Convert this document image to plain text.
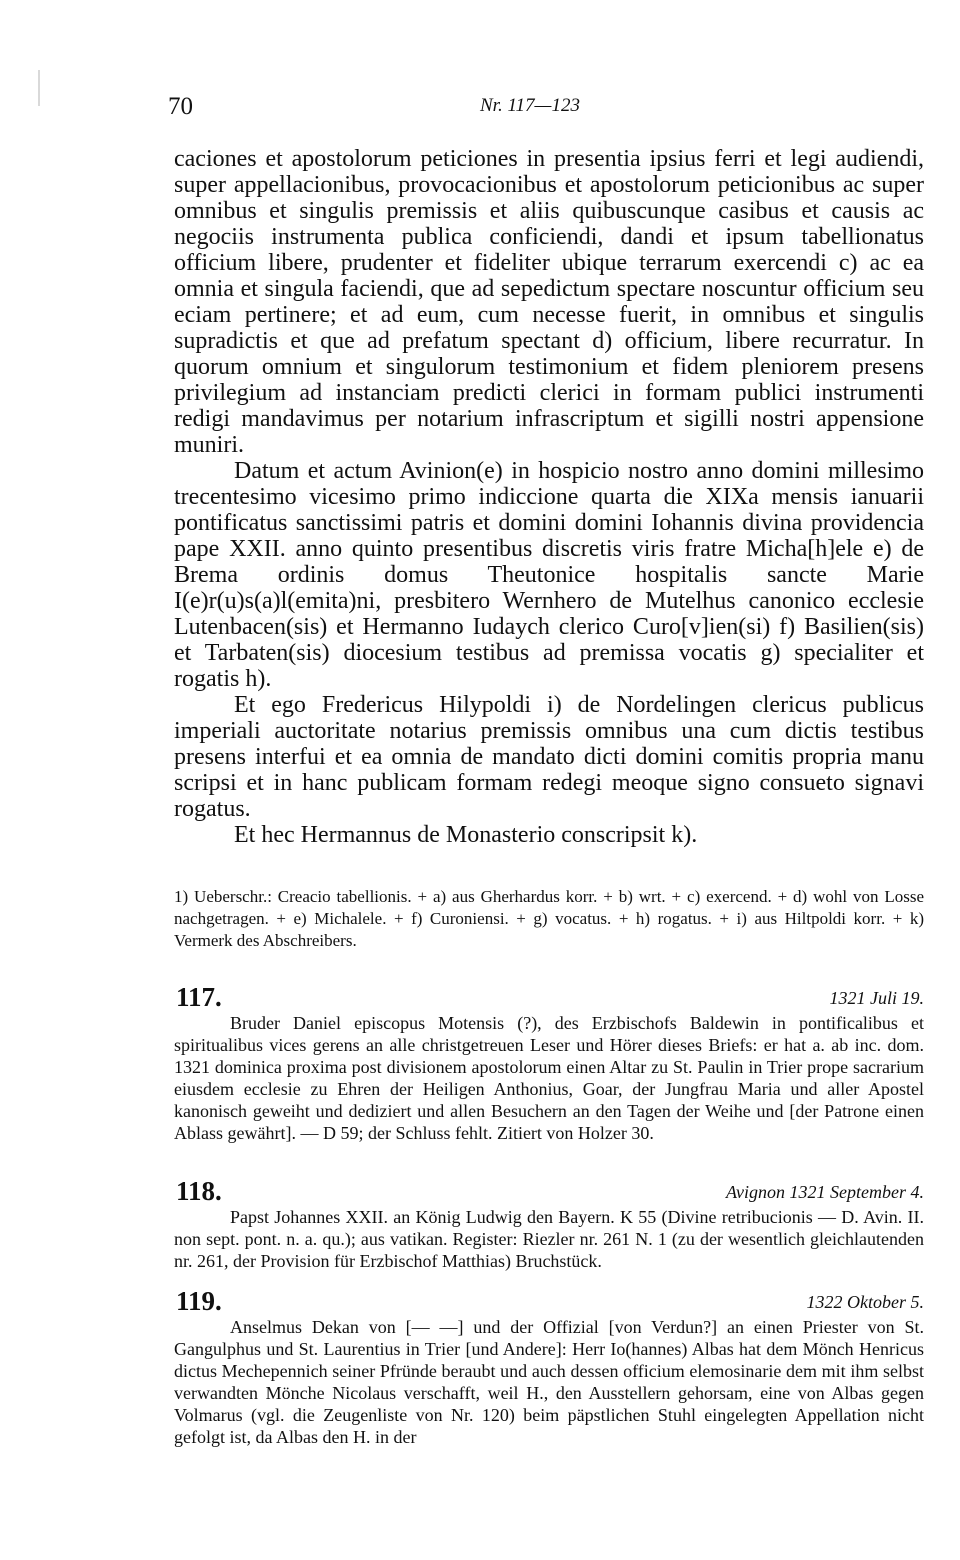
70	Nr. 117—123

caciones et apostolorum peticiones in presentia ipsius ferri et legi audiendi, super appellacionibus, provocacionibus et apostolorum peticionibus ac super omnibus et singulis premissis et aliis quibuscunque casibus et causis ac negociis instrumenta publica conficiendi, dandi et ipsum tabellionatus officium libere, prudenter et fideliter ubique terrarum exercendi c) ac ea omnia et singula faciendi, que ad sepedictum spectare noscuntur officium seu eciam pertinere; et ad eum, cum necesse fuerit, in omnibus et singulis supradictis et que ad prefatum spectant d) officium, libere recurratur. In quorum omnium et singulorum testimonium et fidem pleniorem presens privilegium ad instanciam predicti clerici in formam publici instrumenti redigi mandavimus per notarium infrascriptum et sigilli nostri appensione muniri.

Datum et actum Avinion(e) in hospicio nostro anno domini millesimo trecentesimo vicesimo primo indiccione quarta die XIXa mensis ianuarii pontificatus sanctissimi patris et domini domini Iohannis divina providencia pape XXII. anno quinto presentibus discretis viris fratre Micha[h]ele e) de Brema ordinis domus Theutonice hospitalis sancte Marie I(e)r(u)s(a)l(emita)ni, presbitero Wernhero de Mutelhus canonico ecclesie Lutenbacen(sis) et Hermanno Iudaych clerico Curo[v]ien(si) f) Basilien(sis) et Tarbaten(sis) diocesium testibus ad premissa vocatis g) specialiter et rogatis h).

Et ego Fredericus Hilypoldi i) de Nordelingen clericus publicus imperiali auctoritate notarius premissis omnibus una cum dictis testibus presens interfui et ea omnia de mandato dicti domini comitis propria manu scripsi et in hanc publicam formam redegi meoque signo consueto signavi rogatus.

Et hec Hermannus de Monasterio conscripsit k).

1) Ueberschr.: Creacio tabellionis. + a) aus Gherhardus korr. + b) wrt. + c) exercend. + d) wohl von Losse nachgetragen. + e) Michalele. + f) Curoniensi. + g) vocatus. + h) rogatus. + i) aus Hiltpoldi korr. + k) Vermerk des Abschreibers.
117.	1321 Juli 19.

Bruder Daniel episcopus Motensis (?), des Erzbischofs Baldewin in pontificalibus et spiritualibus vices gerens an alle christgetreuen Leser und Hörer dieses Briefs: er hat a. ab inc. dom. 1321 dominica proxima post divisionem apostolorum einen Altar zu St. Paulin in Trier prope sacrarium eiusdem ecclesie zu Ehren der Heiligen Anthonius, Goar, der Jungfrau Maria und aller Apostel kanonisch geweiht und dediziert und allen Besuchern an den Tagen der Weihe und [der Patrone einen Ablass gewährt]. — D 59; der Schluss fehlt. Zitiert von Holzer 30.

118.	Avignon 1321 September 4.

Papst Johannes XXII. an König Ludwig den Bayern. K 55 (Divine retribucionis — D. Avin. II. non sept. pont. n. a. qu.); aus vatikan. Register: Riezler nr. 261 N. 1 (zu der wesentlich gleichlautenden nr. 261, der Provision für Erzbischof Matthias) Bruchstück.

119.	1322 Oktober 5.

Anselmus Dekan von [— —] und der Offizial [von Verdun?] an einen Priester von St. Gangulphus und St. Laurentius in Trier [und Andere]: Herr Io(hannes) Albas hat dem Mönch Henricus dictus Mechepennich seiner Pfründe beraubt und auch dessen officium elemosinarie dem mit ihm selbst verwandten Mönche Nicolaus verschafft, weil H., den Ausstellern gehorsam, eine von Albas gegen Volmarus (vgl. die Zeugenliste von Nr. 120) beim päpstlichen Stuhl eingelegten Appellation nicht gefolgt ist, da Albas den H. in der
